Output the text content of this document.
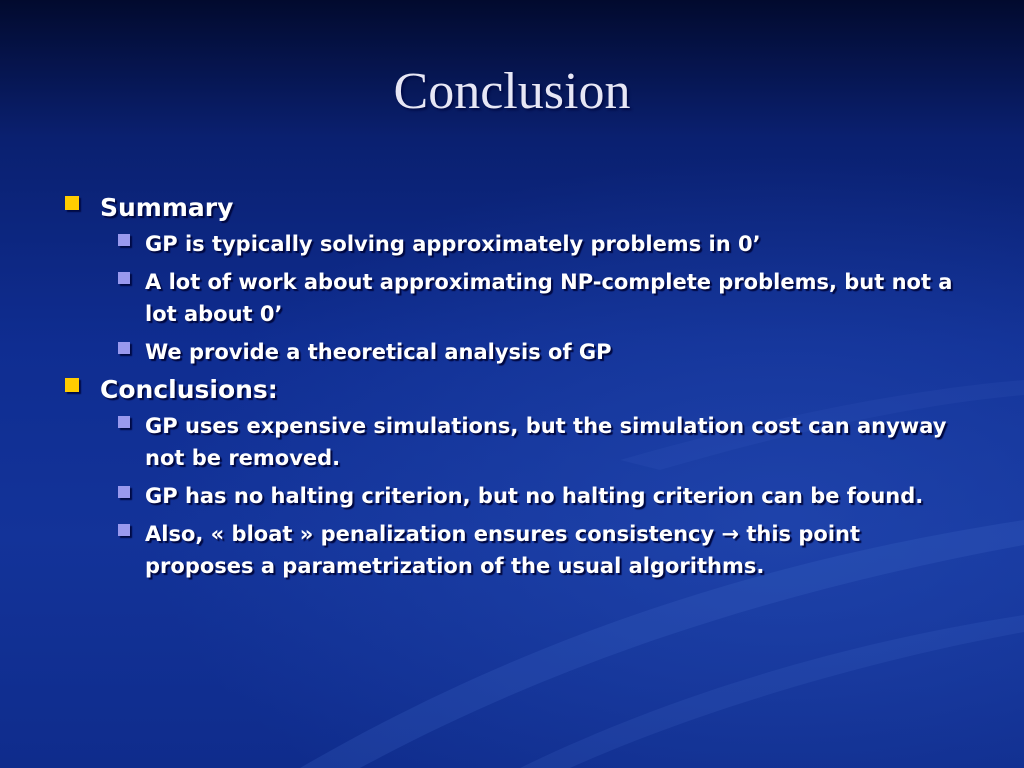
Conclusion
Summary
GP is typically solving approximately problems in 0’
A lot of work about approximating NP-complete problems, but not a lot about 0’
We provide a theoretical analysis of GP
Conclusions:
GP uses expensive simulations, but the simulation cost can anyway not be removed.
GP has no halting criterion, but no halting criterion can be found.
Also, « bloat » penalization ensures consistency → this point proposes a parametrization of the usual algorithms.
